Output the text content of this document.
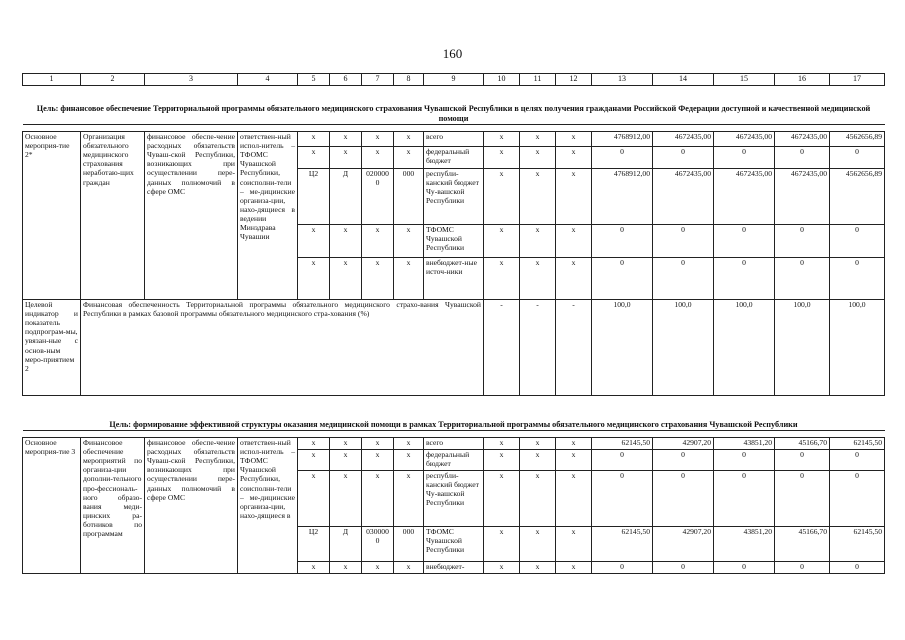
160
1	2	3	4	5	6	7	8	9	10	11	12	13	14	15	16	17
Цель: финансовое обеспечение Территориальной программы обязательного медицинского страхования Чувашской Республики в целях получения гражданами Российской Федерации доступной и качественной медицинской помощи																

Основное мероприя-тие 2*	Организация обязательного медицинского страхования неработаю-щих граждан	финансовое обеспе-чение расходных обязательств Чуваш-ской Республики, возникающих при осуществлении пере-данных полномочий в сфере ОМС	ответствен-ный испол-нитель – ТФОМС Чувашской Республики, соисполни-тели – ме-дицинские организа-ции, нахо-дящиеся в ведении Минздрава Чувашии	x	x	x	x	всего	x	x	x	4768912,00	4672435,00	4672435,00	4672435,00	4562656,89
				x	x	x	x	федеральный бюджет	x	x	x	0	0	0	0	0
				Ц2	Д	020000 0	000	республи-канский бюджет Чу-вашской Республики	x	x	x	4768912,00	4672435,00	4672435,00	4672435,00	4562656,89
				x	x	x	x	ТФОМС Чувашской Республики	x	x	x	0	0	0	0	0
				x	x	x	x	внебюджет-ные источ-ники	x	x	x	0	0	0	0	0
Целевой индикатор и показатель подпрограм-мы, увязан-ные с основ-ным меро-приятием 2	Финансовая обеспеченность Территориальной программы обязательного медицинского страхо-вания Чувашской Республики в рамках базовой программы обязательного медицинского стра-хования (%)								-	-	-	100,0	100,0	100,0	100,0	100,0
Цель: формирование эффективной структуры оказания медицинской помощи в рамках Территориальной программы обязательного медицинского страхования Чувашской Республики																

Основное мероприя-тие 3	Финансовое обеспечение мероприятий по организа-ции дополни-тельного про-фессиональ-ного образо-вания меди-цинских ра-ботников по программам	финансовое обеспе-чение расходных обязательств Чуваш-ской Республики, возникающих при осуществлении пере-данных полномочий в сфере ОМС	ответствен-ный испол-нитель – ТФОМС Чувашской Республики, соисполни-тели – ме-дицинские организа-ции, нахо-дящиеся в	x	x	x	x	всего	x	x	x	62145,50	42907,20	43851,20	45166,70	62145,50
				x	x	x	x	федеральный бюджет	x	x	x	0	0	0	0	0
				x	x	x	x	республи-канский бюджет Чу-вашской Республики	x	x	x	0	0	0	0	0
				Ц2	Д	030000 0	000	ТФОМС Чувашской Республики	x	x	x	62145,50	42907,20	43851,20	45166,70	62145,50
				x	x	x	x	внебюджет-	x	x	x	0	0	0	0	0
